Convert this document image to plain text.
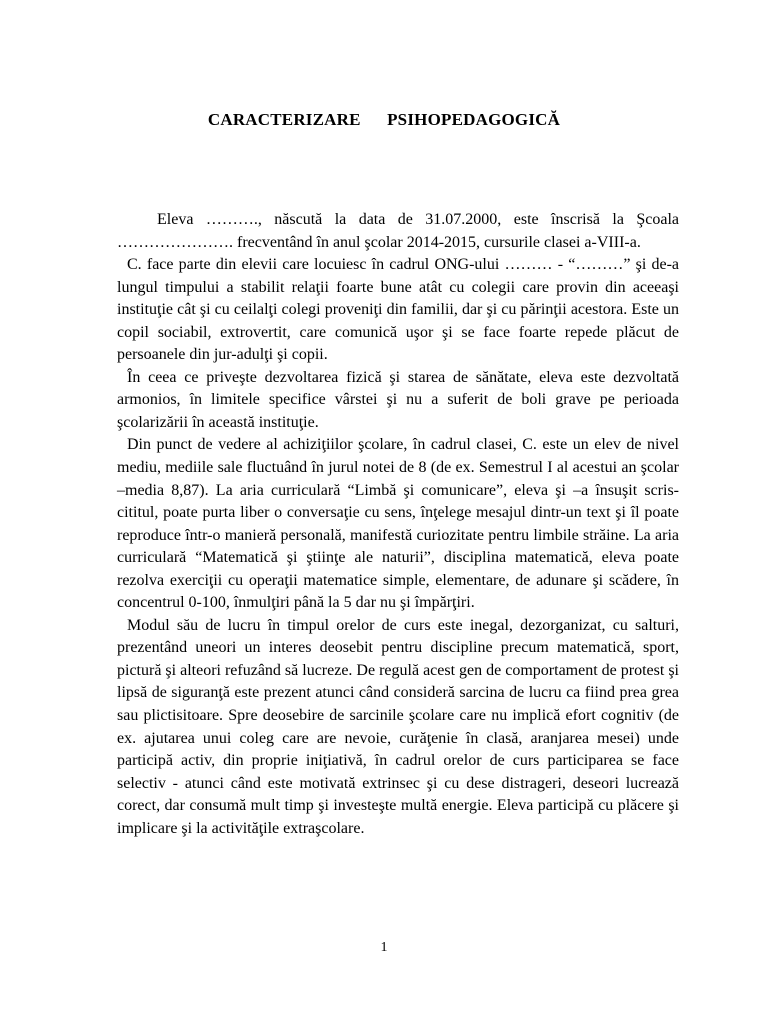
CARACTERIZARE PSIHOPEDAGOGICĂ

Eleva ………., născută la data de 31.07.2000, este înscrisă la Şcoala …………………. frecventând în anul şcolar 2014-2015, cursurile clasei a-VIII-a.

C. face parte din elevii care locuiesc în cadrul ONG-ului ……… - “………” şi de-a lungul timpului a stabilit relaţii foarte bune atât cu colegii care provin din aceeaşi instituţie cât şi cu ceilalţi colegi proveniţi din familii, dar şi cu părinţii acestora. Este un copil sociabil, extrovertit, care comunică uşor şi se face foarte repede plăcut de persoanele din jur-adulţi şi copii.

În ceea ce priveşte dezvoltarea fizică şi starea de sănătate, eleva este dezvoltată armonios, în limitele specifice vârstei şi nu a suferit de boli grave pe perioada şcolarizării în această instituţie.

Din punct de vedere al achiziţiilor şcolare, în cadrul clasei, C. este un elev de nivel mediu, mediile sale fluctuând în jurul notei de 8 (de ex. Semestrul I al acestui an şcolar –media 8,87). La aria curriculară “Limbă şi comunicare”, eleva şi –a însuşit scris-cititul, poate purta liber o conversaţie cu sens, înţelege mesajul dintr-un text şi îl poate reproduce într-o manieră personală, manifestă curiozitate pentru limbile străine. La aria curriculară “Matematică şi ştiinţe ale naturii”, disciplina matematică, eleva poate rezolva exerciţii cu operaţii matematice simple, elementare, de adunare şi scădere, în concentrul 0-100, înmulţiri până la 5 dar nu şi împărţiri.

Modul său de lucru în timpul orelor de curs este inegal, dezorganizat, cu salturi, prezentând uneori un interes deosebit pentru discipline precum matematică, sport, pictură şi alteori refuzând să lucreze. De regulă acest gen de comportament de protest şi lipsă de siguranţă este prezent atunci când consideră sarcina de lucru ca fiind prea grea sau plictisitoare. Spre deosebire de sarcinile şcolare care nu implică efort cognitiv (de ex. ajutarea unui coleg care are nevoie, curăţenie în clasă, aranjarea mesei) unde participă activ, din proprie iniţiativă, în cadrul orelor de curs participarea se face selectiv - atunci când este motivată extrinsec şi cu dese distrageri, deseori lucrează corect, dar consumă mult timp şi investeşte multă energie. Eleva participă cu plăcere şi implicare şi la activităţile extraşcolare.

1
